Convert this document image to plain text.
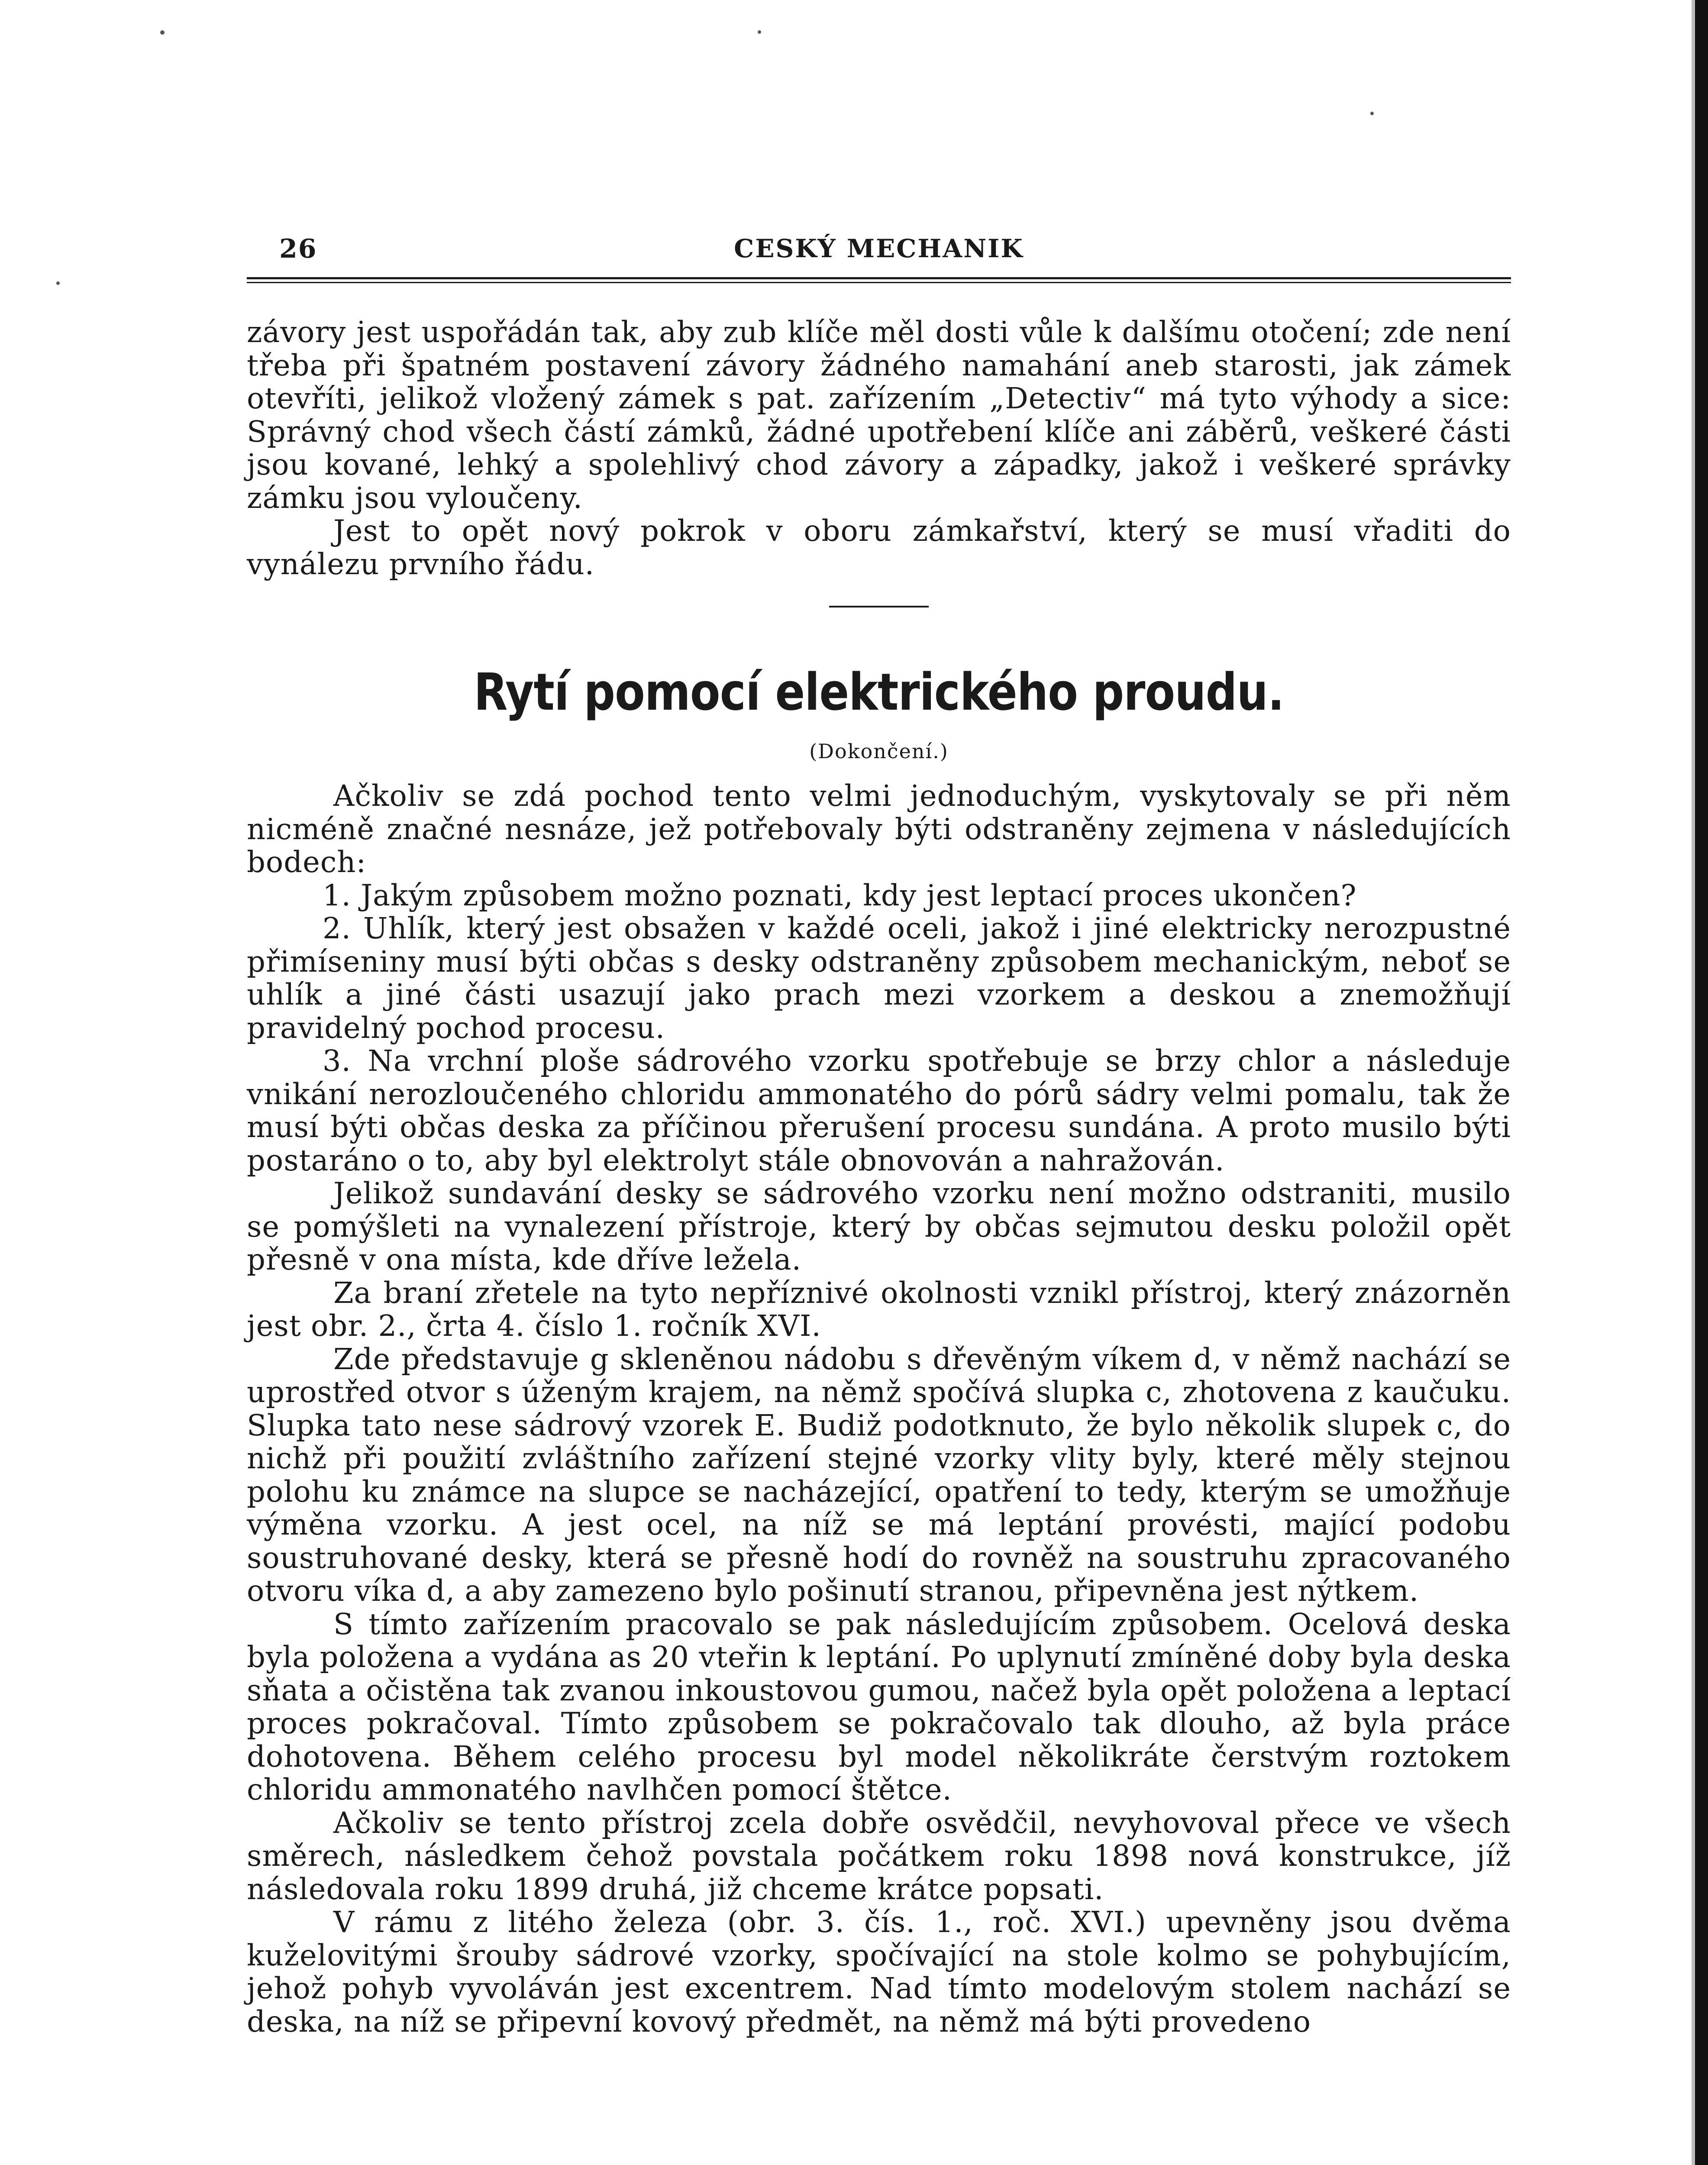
26	CESKÝ MECHANIK

závory jest uspořádán tak, aby zub klíče měl dosti vůle k dalšímu otočení; zde není třeba při špatném postavení závory žádného namahání aneb starosti, jak zámek otevříti, jelikož vložený zámek s pat. zařízením „Detectiv“ má tyto výhody a sice: Správný chod všech částí zámků, žádné upotřebení klíče ani záběrů, veškeré části jsou kované, lehký a spolehlivý chod závory a západky, jakož i veškeré správky zámku jsou vyloučeny.

Jest to opět nový pokrok v oboru zámkařství, který se musí vřaditi do vynálezu prvního řádu.

Rytí pomocí elektrického proudu.
(Dokončení.)

Ačkoliv se zdá pochod tento velmi jednoduchým, vyskytovaly se při něm nicméně značné nesnáze, jež potřebovaly býti odstraněny zejmena v následujících bodech:

1. Jakým způsobem možno poznati, kdy jest leptací proces ukončen?

2. Uhlík, který jest obsažen v každé oceli, jakož i jiné elektricky nerozpustné přimíseniny musí býti občas s desky odstraněny způsobem mechanickým, neboť se uhlík a jiné části usazují jako prach mezi vzorkem a deskou a znemožňují pravidelný pochod procesu.

3. Na vrchní ploše sádrového vzorku spotřebuje se brzy chlor a následuje vnikání nerozloučeného chloridu ammonatého do pórů sádry velmi pomalu, tak že musí býti občas deska za příčinou přerušení procesu sundána. A proto musilo býti postaráno o to, aby byl elektrolyt stále obnovován a nahražován.

Jelikož sundavání desky se sádrového vzorku není možno odstraniti, musilo se pomýšleti na vynalezení přístroje, který by občas sejmutou desku položil opět přesně v ona místa, kde dříve ležela.

Za braní zřetele na tyto nepříznivé okolnosti vznikl přístroj, který znázorněn jest obr. 2., črta 4. číslo 1. ročník XVI.

Zde představuje g skleněnou nádobu s dřevěným víkem d, v němž nachází se uprostřed otvor s úženým krajem, na němž spočívá slupka c, zhotovena z kaučuku. Slupka tato nese sádrový vzorek E. Budiž podotknuto, že bylo několik slupek c, do nichž při použití zvláštního zařízení stejné vzorky vlity byly, které měly stejnou polohu ku známce na slupce se nacházející, opatření to tedy, kterým se umožňuje výměna vzorku. A jest ocel, na níž se má leptání provésti, mající podobu soustruhované desky, která se přesně hodí do rovněž na soustruhu zpracovaného otvoru víka d, a aby zamezeno bylo pošinutí stranou, připevněna jest nýtkem.

S tímto zařízením pracovalo se pak následujícím způsobem. Ocelová deska byla položena a vydána as 20 vteřin k leptání. Po uplynutí zmíněné doby byla deska sňata a očistěna tak zvanou inkoustovou gumou, načež byla opět položena a leptací proces pokračoval. Tímto způsobem se pokračovalo tak dlouho, až byla práce dohotovena. Během celého procesu byl model několikráte čerstvým roztokem chloridu ammonatého navlhčen pomocí štětce.

Ačkoliv se tento přístroj zcela dobře osvědčil, nevyhovoval přece ve všech směrech, následkem čehož povstala počátkem roku 1898 nová konstrukce, jíž následovala roku 1899 druhá, již chceme krátce popsati.

V rámu z litého železa (obr. 3. čís. 1., roč. XVI.) upevněny jsou dvěma kuželovitými šrouby sádrové vzorky, spočívající na stole kolmo se pohybujícím, jehož pohyb vyvoláván jest excentrem. Nad tímto modelovým stolem nachází se deska, na níž se připevní kovový předmět, na němž má býti provedeno
